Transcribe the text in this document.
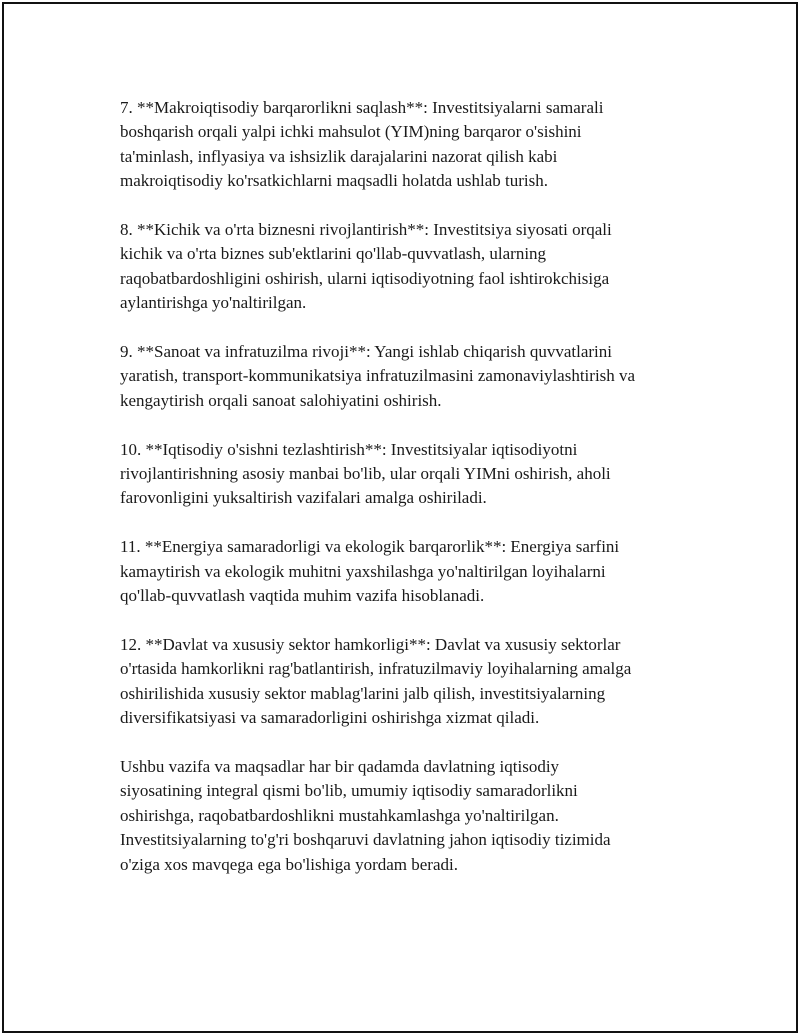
7. **Makroiqtisodiy barqarorlikni saqlash**: Investitsiyalarni samarali
boshqarish orqali yalpi ichki mahsulot (YIM)ning barqaror o'sishini
ta'minlash, inflyasiya va ishsizlik darajalarini nazorat qilish kabi
makroiqtisodiy ko'rsatkichlarni maqsadli holatda ushlab turish.

8. **Kichik va o'rta biznesni rivojlantirish**: Investitsiya siyosati orqali
kichik va o'rta biznes sub'ektlarini qo'llab-quvvatlash, ularning
raqobatbardoshligini oshirish, ularni iqtisodiyotning faol ishtirokchisiga
aylantirishga yo'naltirilgan.

9. **Sanoat va infratuzilma rivoji**: Yangi ishlab chiqarish quvvatlarini
yaratish, transport-kommunikatsiya infratuzilmasini zamonaviylashtirish va
kengaytirish orqali sanoat salohiyatini oshirish.

10. **Iqtisodiy o'sishni tezlashtirish**: Investitsiyalar iqtisodiyotni
rivojlantirishning asosiy manbai bo'lib, ular orqali YIMni oshirish, aholi
farovonligini yuksaltirish vazifalari amalga oshiriladi.

11. **Energiya samaradorligi va ekologik barqarorlik**: Energiya sarfini
kamaytirish va ekologik muhitni yaxshilashga yo'naltirilgan loyihalarni
qo'llab-quvvatlash vaqtida muhim vazifa hisoblanadi.

12. **Davlat va xususiy sektor hamkorligi**: Davlat va xususiy sektorlar
o'rtasida hamkorlikni rag'batlantirish, infratuzilmaviy loyihalarning amalga
oshirilishida xususiy sektor mablag'larini jalb qilish, investitsiyalarning
diversifikatsiyasi va samaradorligini oshirishga xizmat qiladi.

Ushbu vazifa va maqsadlar har bir qadamda davlatning iqtisodiy
siyosatining integral qismi bo'lib, umumiy iqtisodiy samaradorlikni
oshirishga, raqobatbardoshlikni mustahkamlashga yo'naltirilgan.
Investitsiyalarning to'g'ri boshqaruvi davlatning jahon iqtisodiy tizimida
o'ziga xos mavqega ega bo'lishiga yordam beradi.
